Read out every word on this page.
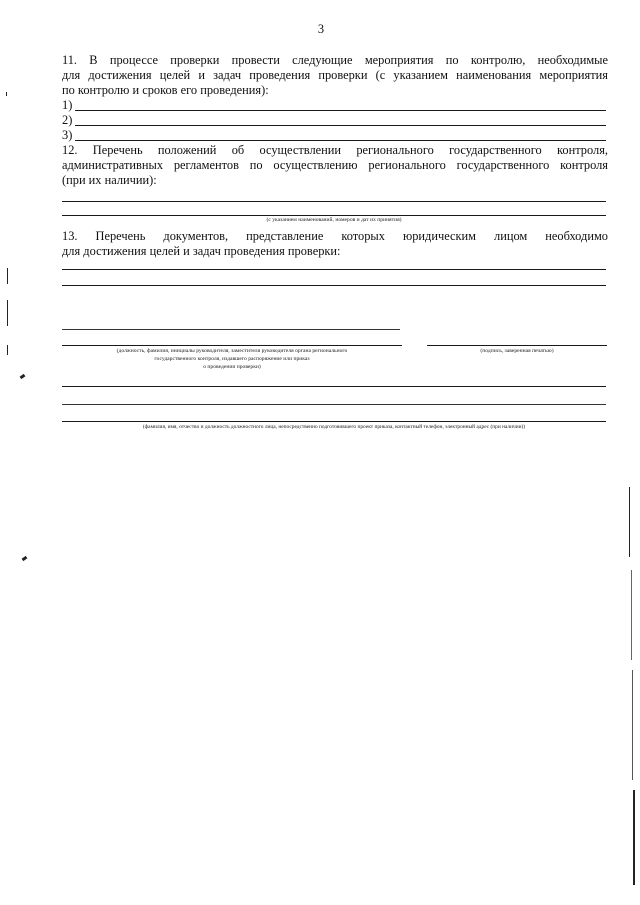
3
11. В процессе проверки провести следующие мероприятия по контролю, необходимые
для достижения целей и задач проведения проверки (с указанием наименования мероприятия
по контролю и сроков его проведения):
1)
2)
3)
12. Перечень положений об осуществлении регионального государственного контроля,
административных регламентов по осуществлению регионального государственного контроля
(при их наличии):
(с указанием наименований, номеров и дат их принятия)
13. Перечень документов, представление которых юридическим лицом необходимо
для достижения целей и задач проведения проверки:
(должность, фамилия, инициалы руководителя, заместителя руководителя органа регионального
государственного контроля, издавшего распоряжение или приказ
о проведении проверки)
(подпись, заверенная печатью)
(фамилия, имя, отчество и должность должностного лица, непосредственно подготовившего проект приказа, контактный телефон, электронный адрес (при наличии))
